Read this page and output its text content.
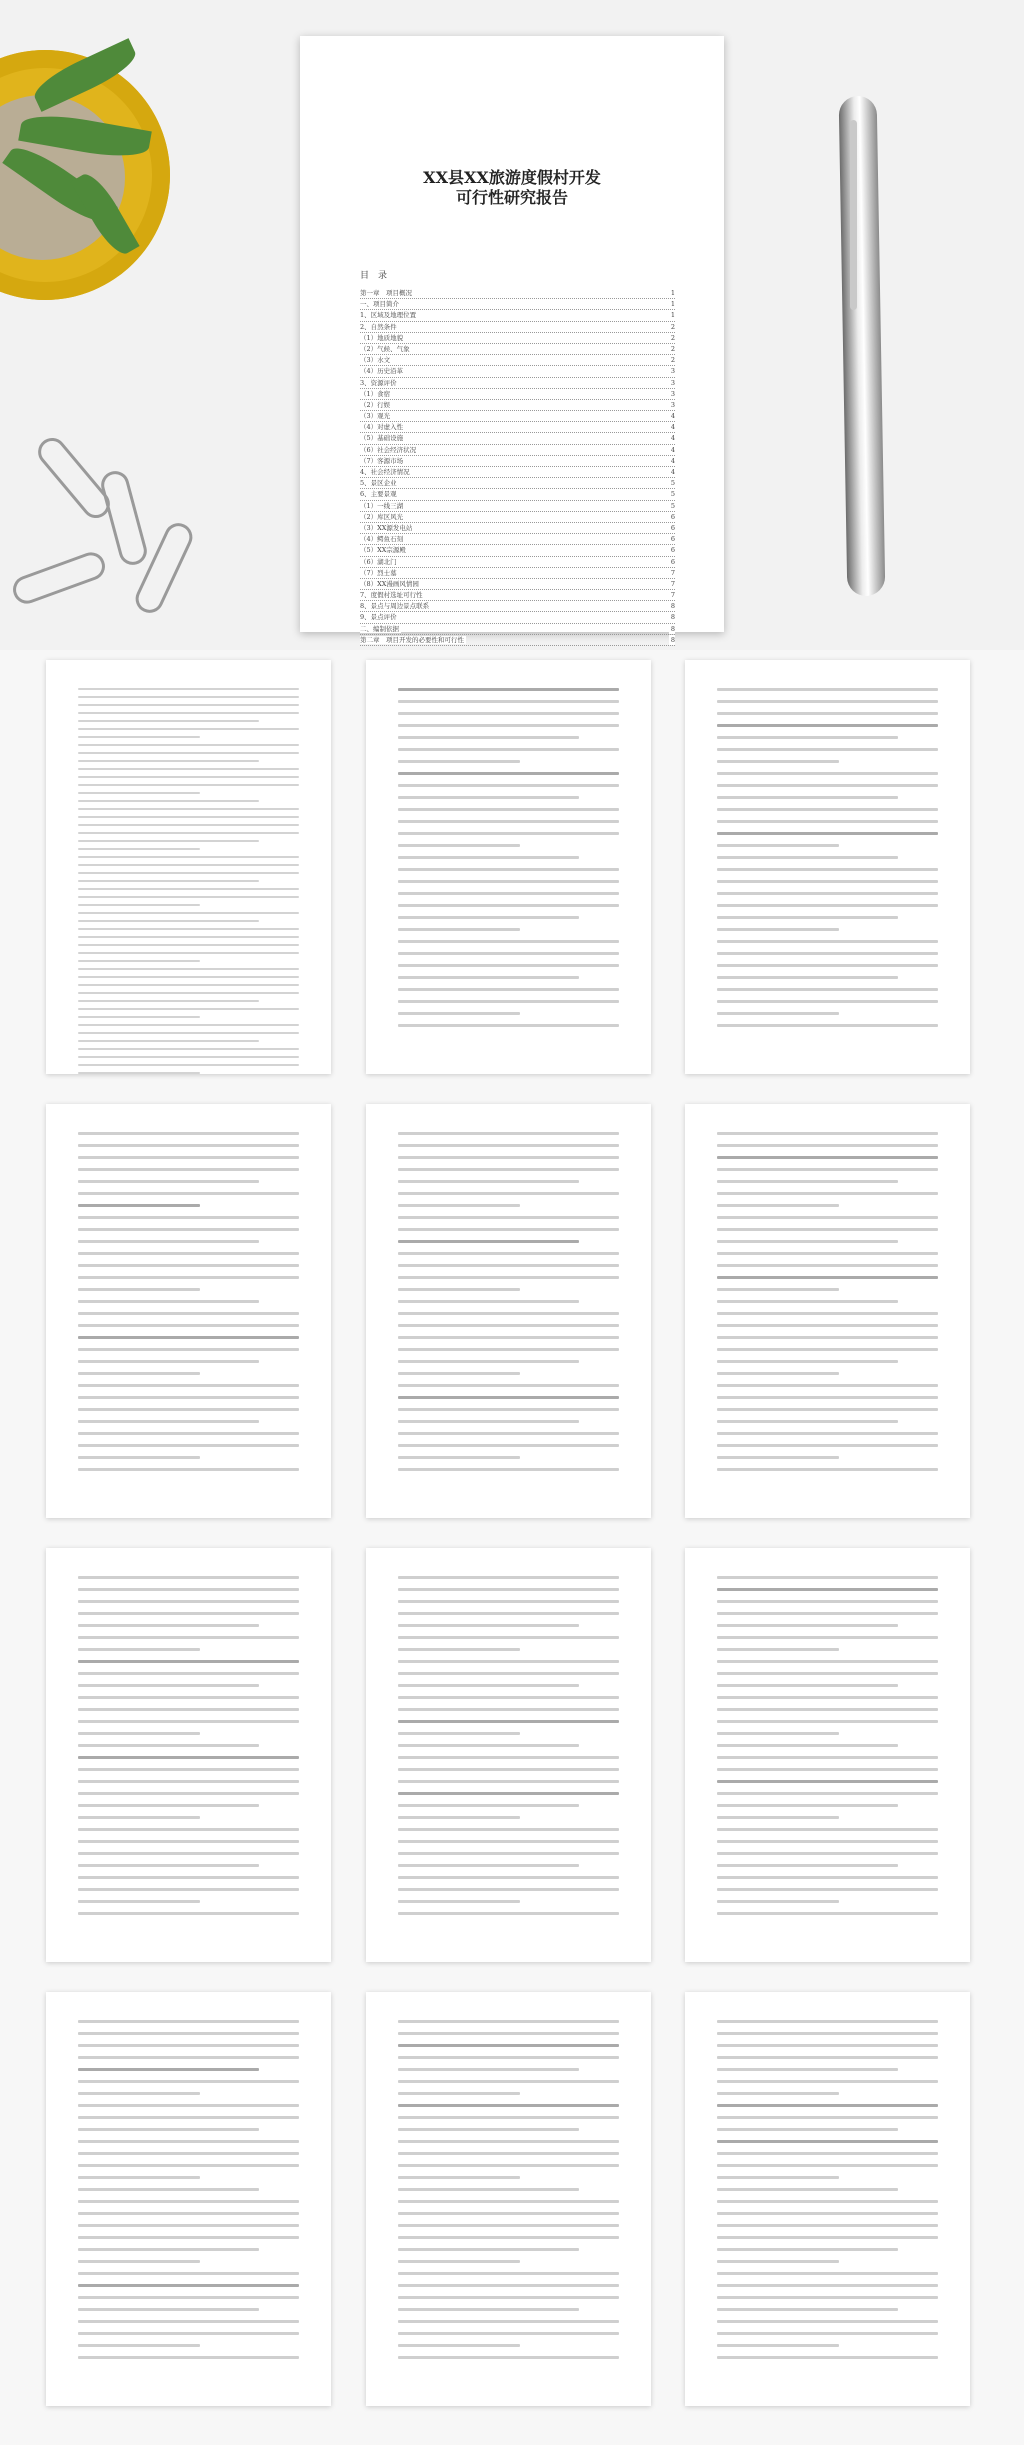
XX县XX旅游度假村开发
可行性研究报告
目　录
第一章　项目概况	1
一、项目简介	1
1、区域及地理位置	1
2、自然条件	2
（1）地质地貌	2
（2）气候、气象	2
（3）水文	2
（4）历史沿革	3
3、资源评价	3
（1）食宿	3
（2）行娱	3
（3）观光	4
（4）对虚入性	4
（5）基础设施	4
（6）社会经济状况	4
（7）客源市场	4
4、社会经济情况	4
5、景区企业	5
6、主要景观	5
（1）一线三湖	5
（2）库区风光	6
（3）XX源发电站	6
（4）鳄鱼石刻	6
（5）XX宗源殿	6
（6）湖北门	6
（7）烈士墓	7
（8）XX漫画风情园	7
7、度假村选址可行性	7
8、景点与周边景点联系	8
9、景点评价	8
二、编制依据	8
第二章　项目开发的必要性和可行性	8
